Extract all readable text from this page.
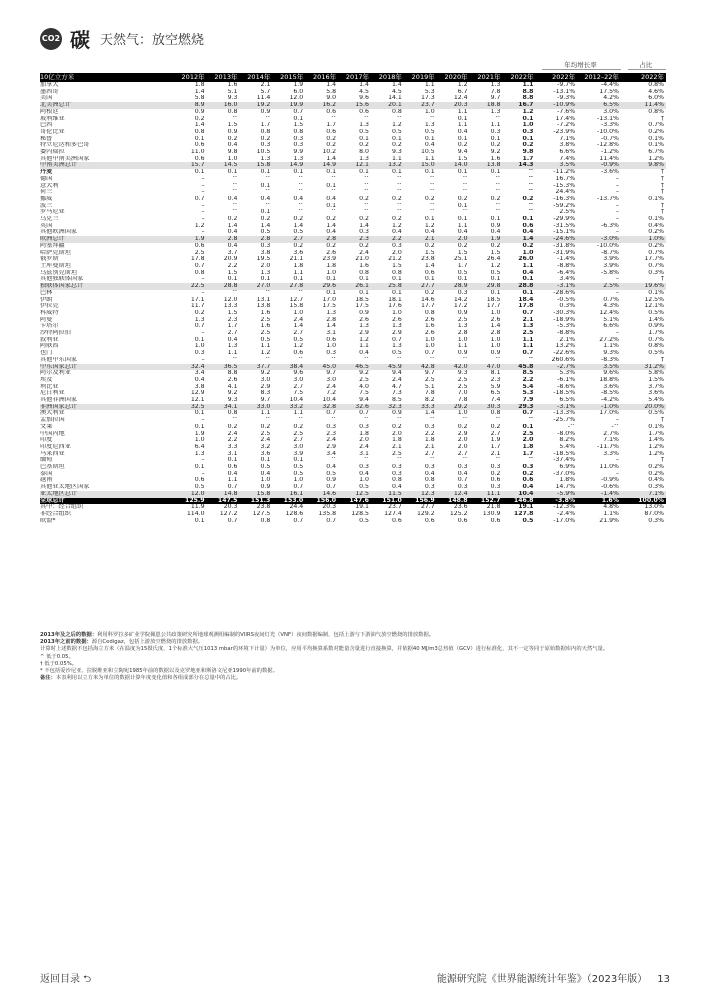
CO2 碳 天然气：放空燃烧
													年均增长率			占比

10亿立方米	2012年	2013年	2014年	2015年	2016年	2017年	2018年	2019年	2020年	2021年	2022年		2022年	2012–22年		2022年
加拿大	1.8	1.6	2.1	1.9	1.4	1.4	1.4	1.1	1.2	1.3	1.1		-9.7%	-4.4%		0.8%
墨西哥	1.4	5.1	5.7	6.0	5.8	4.5	4.5	5.3	6.7	7.8	8.8		-13.1%	17.5%		4.6%
美国	5.8	9.3	11.4	12.0	9.0	9.6	14.1	17.3	12.4	9.7	8.8		-9.3%	4.2%		6.0%
北美洲总计	8.9	16.0	19.2	19.9	16.2	15.6	20.1	23.7	20.3	18.8	16.7		-10.9%	6.5%		11.4%
阿根廷	0.9	0.8	0.9	0.7	0.6	0.6	0.8	1.0	1.1	1.3	1.2		-7.6%	3.0%		0.8%
玻利维亚	0.2	^	^	0.1	^	^	^	^	0.1	^	0.1		17.4%	-13.1%		†
巴西	1.4	1.5	1.7	1.5	1.7	1.3	1.2	1.3	1.1	1.1	1.0		-7.2%	-3.3%		0.7%
哥伦比亚	0.8	0.9	0.8	0.8	0.6	0.5	0.5	0.5	0.4	0.3	0.3		-23.9%	-10.0%		0.2%
秘鲁	0.1	0.2	0.2	0.3	0.2	0.1	0.1	0.1	0.1	0.1	0.1		7.1%	-0.7%		0.1%
特立尼达和多巴哥	0.6	0.4	0.3	0.3	0.2	0.2	0.2	0.4	0.2	0.2	0.2		3.8%	-12.8%		0.1%
委内瑞拉	11.0	9.8	10.5	9.9	10.2	8.0	9.3	10.5	9.4	9.2	9.8		6.6%	-1.2%		6.7%
其他中南美洲国家	0.6	1.0	1.3	1.3	1.4	1.3	1.1	1.1	1.5	1.6	1.7		7.4%	11.4%		1.2%
中南美洲总计	15.7	14.5	15.8	14.9	14.9	12.1	13.2	15.0	14.0	13.8	14.3		3.5%	-0.9%		9.8%
丹麦	0.1	0.1	0.1	0.1	0.1	0.1	0.1	0.1	0.1	0.1	^		-11.2%	-3.6%		†
德国	–	^	^	^	^	^	^	^	^	^	^		16.7%	–		†
意大利	–	^	0.1	^	0.1	^	^	^	^	^	^		-15.3%	–		†
荷兰	–	^	^	^	^	^	^	^	^	^	^		24.4%	–		†
挪威	0.7	0.4	0.4	0.4	0.4	0.2	0.2	0.2	0.2	0.2	0.2		-16.3%	-13.7%		0.1%
波兰	–	^	^	^	0.1	^	^	^	0.1	^	^		-59.2%	–		†
罗马尼亚	–	^	0.1	^	^	^	^	^	^	^	^		2.5%	–		†
乌克兰	–	0.2	0.2	0.2	0.2	0.2	0.2	0.1	0.1	0.1	0.1		-29.9%	–		0.1%
英国	1.2	1.4	1.4	1.4	1.4	1.4	1.2	1.2	1.1	0.9	0.6		-31.5%	-6.3%		0.4%
其他欧洲国家	–	0.4	0.5	0.5	0.4	0.3	0.4	0.4	0.4	0.4	0.4		-15.1%	–		0.2%
欧洲总计	1.9	2.8	2.8	2.7	2.8	2.3	2.2	2.1	2.0	1.9	1.4		-24.6%	-3.0%		1.0%
阿塞拜疆	0.6	0.4	0.3	0.2	0.2	0.2	0.3	0.2	0.2	0.2	0.2		-31.8%	-10.0%		0.2%
哈萨克斯坦	2.5	3.7	3.8	3.6	2.6	2.4	2.0	1.5	1.5	1.5	1.0		-31.9%	-8.7%		0.7%
俄罗斯	17.8	20.9	19.5	21.1	23.9	21.0	21.2	23.8	25.1	26.4	26.0		-1.4%	3.9%		17.7%
土库曼斯坦	0.7	2.2	2.0	1.8	1.8	1.6	1.5	1.4	1.7	1.2	1.1		-8.8%	3.9%		0.7%
乌兹别克斯坦	0.8	1.5	1.3	1.1	1.0	0.8	0.8	0.6	0.5	0.5	0.4		-6.4%	-5.8%		0.3%
其他独联体国家	–	0.1	0.1	0.1	0.1	0.1	0.1	0.1	0.1	0.1	0.1		3.4%	–		†
独联体国家总计	22.5	28.8	27.0	27.8	29.6	26.1	25.8	27.7	28.9	29.8	28.8		-3.1%	2.5%		19.6%
巴林	–	^	^	^	0.1	0.1	0.1	0.2	0.3	0.1	0.1		-28.6%	–		0.1%
伊朗	17.1	12.0	13.1	12.7	17.0	18.5	18.1	14.6	14.2	18.5	18.4		-0.5%	0.7%		12.5%
伊拉克	11.7	13.3	13.8	15.8	17.5	17.5	17.6	17.7	17.2	17.7	17.8		0.3%	4.3%		12.1%
科威特	0.2	1.5	1.6	1.0	1.3	0.9	1.0	0.8	0.9	1.0	0.7		-30.3%	12.4%		0.5%
阿曼	1.3	2.3	2.5	2.4	2.8	2.6	2.6	2.6	2.5	2.6	2.1		-18.9%	5.1%		1.4%
卡塔尔	0.7	1.7	1.6	1.4	1.4	1.3	1.3	1.6	1.3	1.4	1.3		-5.3%	6.6%		0.9%
沙特阿拉伯	–	2.7	2.5	2.7	3.1	2.9	2.9	2.6	2.8	2.8	2.5		-8.8%	–		1.7%
叙利亚	0.1	0.4	0.5	0.5	0.6	1.2	0.7	1.0	1.0	1.0	1.1		2.1%	27.2%		0.7%
阿联酋	1.0	1.3	1.1	1.2	1.0	1.1	1.3	1.0	1.1	1.0	1.1		13.2%	1.1%		0.8%
也门	0.3	1.1	1.2	0.6	0.3	0.4	0.5	0.7	0.9	0.9	0.7		-22.6%	9.3%		0.5%
其他中东国家	–	^	^	^	^	^	^	^	^	^	^		260.6%	-8.3%		†
中东国家总计	32.4	36.5	37.7	38.4	45.0	46.5	45.9	42.8	42.0	47.0	45.8		-2.7%	3.5%		31.2%
阿尔及利亚	3.4	8.8	9.2	9.6	9.7	9.2	9.4	9.7	9.3	8.1	8.5		5.3%	9.6%		5.8%
埃及	0.4	2.6	3.0	3.0	3.0	2.5	2.4	2.5	2.5	2.3	2.2		-6.1%	18.8%		1.5%
利比亚	3.8	4.1	2.9	2.7	2.4	4.0	4.7	5.1	2.5	5.9	5.4		-8.6%	3.6%		3.7%
尼日利亚	12.9	9.2	8.3	7.5	7.2	7.5	7.3	7.8	7.0	6.5	5.3		-18.5%	-8.5%		3.6%
其他非洲国家	12.1	9.3	9.7	10.4	10.4	9.4	8.5	8.2	7.8	7.4	7.9		6.5%	-4.2%		5.4%
非洲国家总计	32.5	34.1	33.0	33.2	32.8	32.6	32.3	33.3	29.2	30.3	29.3		-3.1%	-1.0%		20.0%
澳大利亚	0.1	0.8	1.1	1.1	0.7	0.7	0.9	1.4	1.0	0.8	0.7		-13.3%	17.0%		0.5%
孟加拉国	–	^	^	^	^	^	^	^	^	^	^		-25.7%	–		†
文莱	0.1	0.2	0.2	0.2	0.3	0.3	0.2	0.3	0.2	0.2	0.1		-^	-^		0.1%
中国内地	1.9	2.4	2.5	2.5	2.3	1.8	2.0	2.2	2.9	2.7	2.5		-8.0%	2.7%		1.7%
印度	1.0	2.2	2.4	2.7	2.4	2.0	1.8	1.8	2.0	1.9	2.0		8.2%	7.1%		1.4%
印度尼西亚	6.4	3.3	3.2	3.0	2.9	2.4	2.1	2.1	2.0	1.7	1.8		5.4%	-11.7%		1.2%
马来西亚	1.3	3.1	3.6	3.9	3.4	3.1	2.5	2.7	2.7	2.1	1.7		-18.5%	3.3%		1.2%
缅甸	–	0.1	0.1	0.1	^	^	^	^	^	^	^		-37.4%	–		†
巴基斯坦	0.1	0.6	0.5	0.5	0.4	0.3	0.3	0.3	0.3	0.3	0.3		6.9%	11.0%		0.2%
泰国	–	0.4	0.4	0.5	0.5	0.4	0.3	0.4	0.4	0.2	0.2		-37.0%	–		0.2%
越南	0.6	1.1	1.0	1.0	0.9	1.0	0.8	0.8	0.7	0.6	0.6		1.8%	-0.9%		0.4%
其他亚太地区国家	0.5	0.7	0.9	0.7	0.7	0.5	0.4	0.3	0.3	0.3	0.4		14.7%	-0.6%		0.3%
亚太地区总计	12.0	14.8	15.8	16.1	14.6	12.5	11.5	12.3	12.4	11.1	10.4		-5.9%	-1.4%		7.1%
全球总计	125.9	147.5	151.3	153.0	156.0	147.6	151.0	156.9	148.8	152.7	146.8		-3.8%	1.6%		100.0%
其中：经合组织	11.9	20.3	23.8	24.4	20.3	19.1	23.7	27.7	23.6	21.8	19.1		-12.3%	4.8%		13.0%
非经合组织	114.0	127.2	127.5	128.6	135.8	128.5	127.4	129.2	125.2	130.9	127.8		-2.4%	1.1%		87.0%
欧盟*	0.1	0.7	0.8	0.7	0.7	0.5	0.6	0.6	0.6	0.6	0.5		-17.0%	21.9%		0.3%

2013年及之后的数据：利用科罗拉多矿业学院佩恩公共政策研究所地球观测组编制的VIIRS夜间灯光（VNF）夜间数据编制，包括上游与下游油气放空燃烧的排放数据。

2013年之前的数据：源自Cedigaz，包括上游放空燃烧的排放数据。

计算时上述数据不包括海立方米（在温度为15摄氏度、1个标准大气压1013 mbar的环境下计量）为单位，应用平均换算系数对能量含量进行直接换算，并依据40 MJ/m3总热值（GCV）进行标准化，其不一定等同于原始数据库内的天然气量。

^ 低于0.05。

† 低于0.05%。

* 不包括爱沙尼亚、拉脱维亚和立陶宛1985年前的数据以及克罗地亚和斯洛文尼亚1990年前的数据。

备注：本表利用以立方米为单位的数据计算年度变化值和各组成部分在总量中的占比。

返回目录 ⮌	能源研究院《世界能源统计年鉴》（2023年版） 13
